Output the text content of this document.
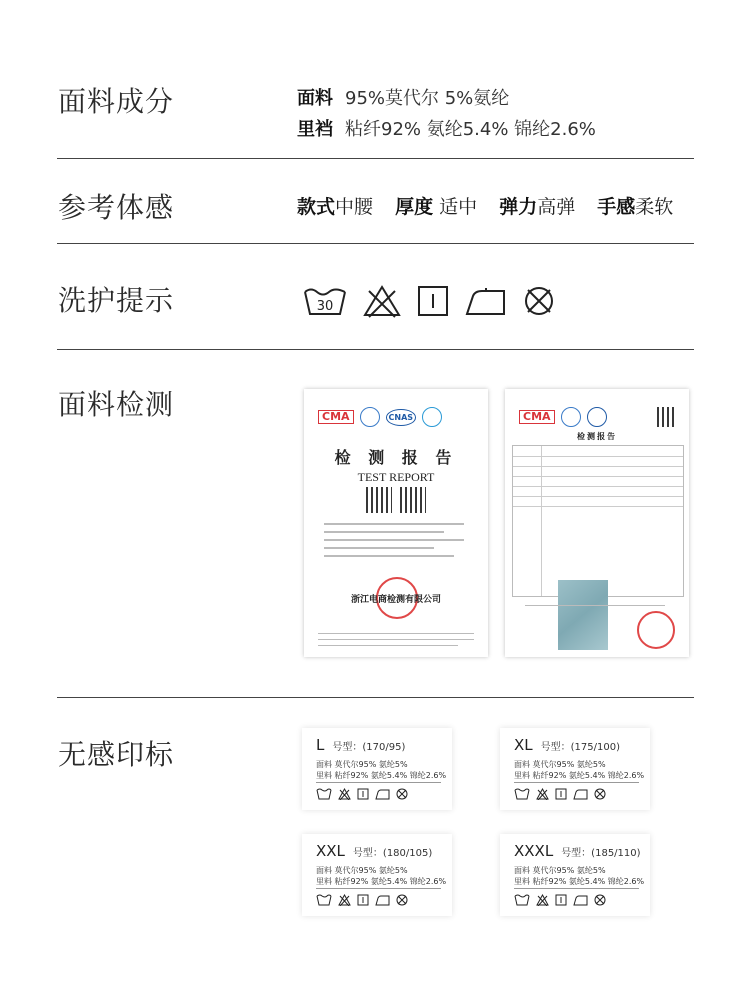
面料成分	面料 95%莫代尔 5%氨纶
里裆 粘纤92% 氨纶5.4% 锦纶2.6%
参考体感	款式中腰 厚度 适中 弹力高弹 手感柔软
洗护提示	30
面料检测	CMA	CNAS
检 测 报 告
TEST REPORT
浙江电商检测有限公司
CMA
检测报告
无感印标	L号型：(170/95)
面料 莫代尔95% 氨纶5%
里料 粘纤92% 氨纶5.4% 锦纶2.6%
XL 号型：(175/100)
面料 莫代尔95% 氨纶5%
里料 粘纤92% 氨纶5.4% 锦纶2.6%
XXL 号型：(180/105)
面料 莫代尔95% 氨纶5%
里料 粘纤92% 氨纶5.4% 锦纶2.6%
XXXL 号型：(185/110)
面料 莫代尔95% 氨纶5%
里料 粘纤92% 氨纶5.4% 锦纶2.6%
